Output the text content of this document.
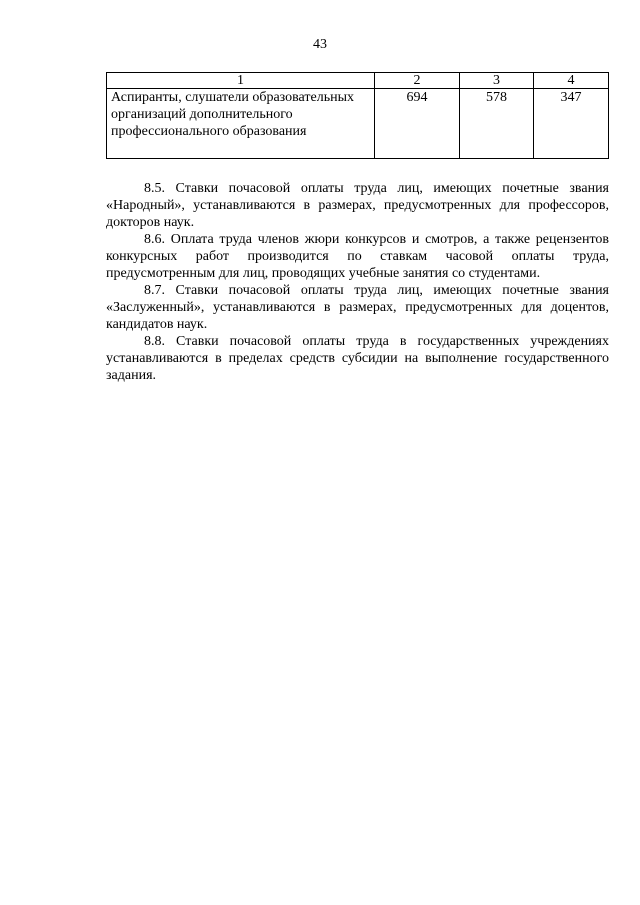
43
1	2	3	4
Аспиранты, слушатели образовательных организаций дополнительного профессионального образования	694	578	347

8.5. Ставки почасовой оплаты труда лиц, имеющих почетные звания «Народный», устанавливаются в размерах, предусмотренных для профессоров, докторов наук.

8.6. Оплата труда членов жюри конкурсов и смотров, а также рецензентов конкурсных работ производится по ставкам часовой оплаты труда, предусмотренным для лиц, проводящих учебные занятия со студентами.

8.7. Ставки почасовой оплаты труда лиц, имеющих почетные звания «Заслуженный», устанавливаются в размерах, предусмотренных для доцентов, кандидатов наук.

8.8. Ставки почасовой оплаты труда в государственных учреждениях устанавливаются в пределах средств субсидии на выполнение государственного задания.
